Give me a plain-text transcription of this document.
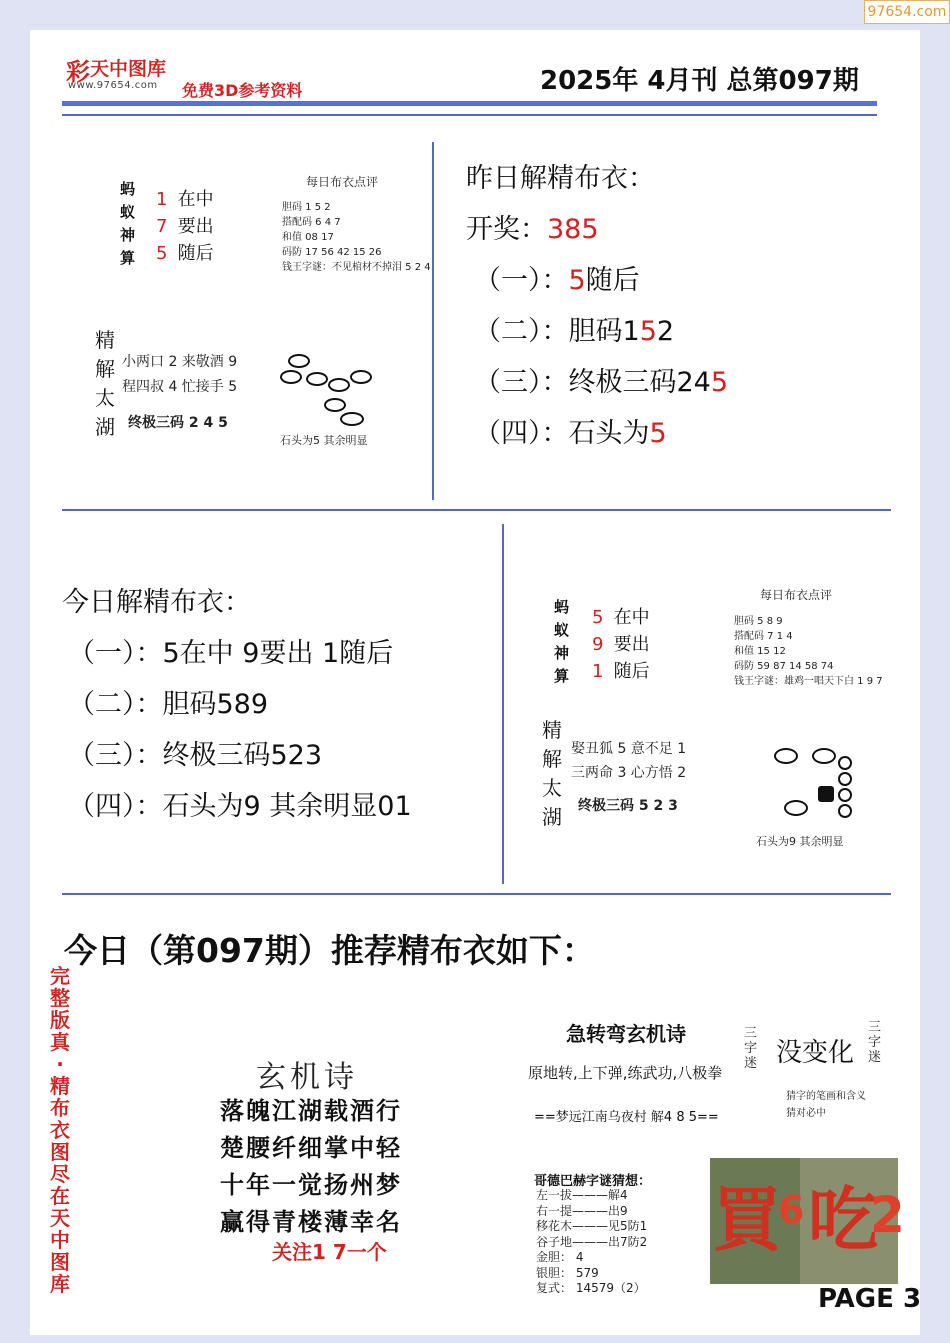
97654.com
彩 天中图库
www.97654.com 免费3D参考资料	2025年 4月刊 总第097期
蚂
蚁
神
算
1 在中
7 要出
5 随后
每日布衣点评
胆码 1 5 2
搭配码 6 4 7
和值 08 17
码防 17 56 42 15 26
钱王字谜：不见棺材不掉泪 5 2 4
精
解
太
湖
小两口 2 来敬酒 9
程四叔 4 忙接手 5
终极三码 2 4 5
石头为5 其余明显
昨日解精布衣：
开奖：385
（一）：5随后
（二）：胆码152
（三）：终极三码245
（四）：石头为5
今日解精布衣：
（一）：5在中 9要出 1随后
（二）：胆码589
（三）：终极三码523
（四）：石头为9 其余明显01
蚂
蚁
神
算
5 在中
9 要出
1 随后
每日布衣点评
胆码 5 8 9
搭配码 7 1 4
和值 15 12
码防 59 87 14 58 74
钱王字谜：雄鸡一唱天下白 1 9 7
精
解
太
湖
娶丑狐 5 意不足 1
三两命 3 心方悟 2
终极三码 5 2 3
石头为9 其余明显
今日（第097期）推荐精布衣如下：
完
整
版
真
·
精
布
衣
图
尽
在
天
中
图
库
玄机诗
落魄江湖载酒行
楚腰纤细掌中轻
十年一觉扬州梦
赢得青楼薄幸名
关注1 7一个
急转弯玄机诗
原地转,上下弹,练武功,八极拳
==梦远江南乌夜村 解4 8 5==
三
字
迷 没变化
三
字
迷
猜字的笔画和含义
猜对必中
哥德巴赫字谜猜想：
左一拔———解4
右一提———出9
移花木———见5防1
谷子地———出7防2
金胆： 4
银胆： 579
复式： 14579（2）
買
6 吃
2
PAGE 3
